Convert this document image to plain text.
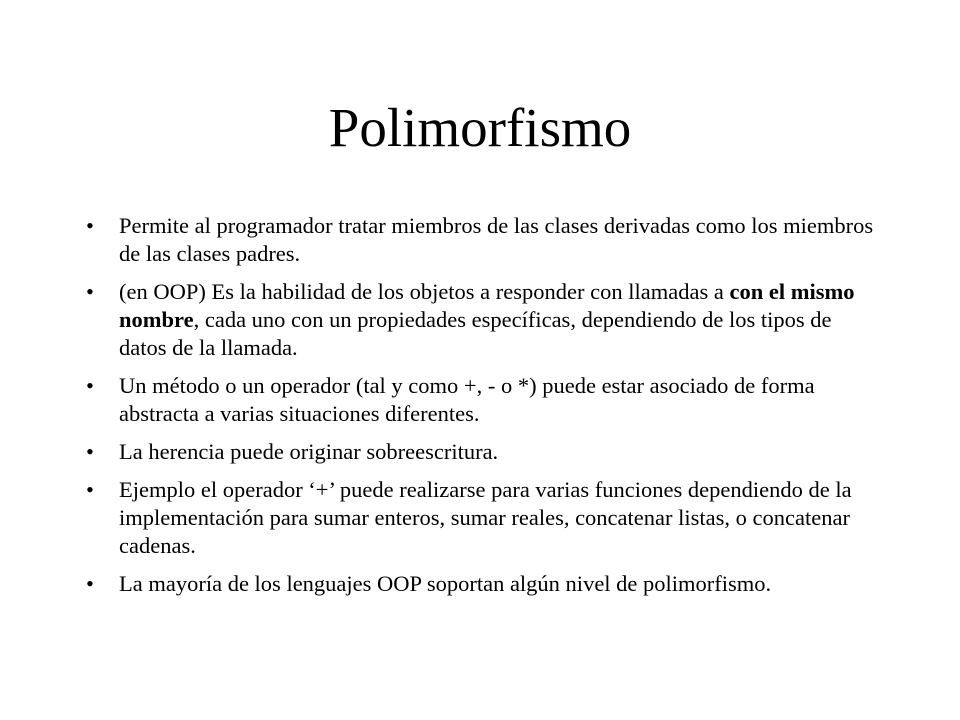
Polimorfismo
•	Permite al programador tratar miembros de las clases derivadas como los miembros de las clases padres.
•	(en OOP) Es la habilidad de los objetos a responder con llamadas a con el mismo nombre, cada uno con un propiedades específicas, dependiendo de los tipos de datos de la llamada.
•	Un método o un operador (tal y como +, - o *) puede estar asociado de forma abstracta a varias situaciones diferentes.
•	La herencia puede originar sobreescritura.
•	Ejemplo el operador ‘+’ puede realizarse para varias funciones dependiendo de la implementación para sumar enteros, sumar reales, concatenar listas, o concatenar cadenas.
•	La mayoría de los lenguajes OOP soportan algún nivel de polimorfismo.
